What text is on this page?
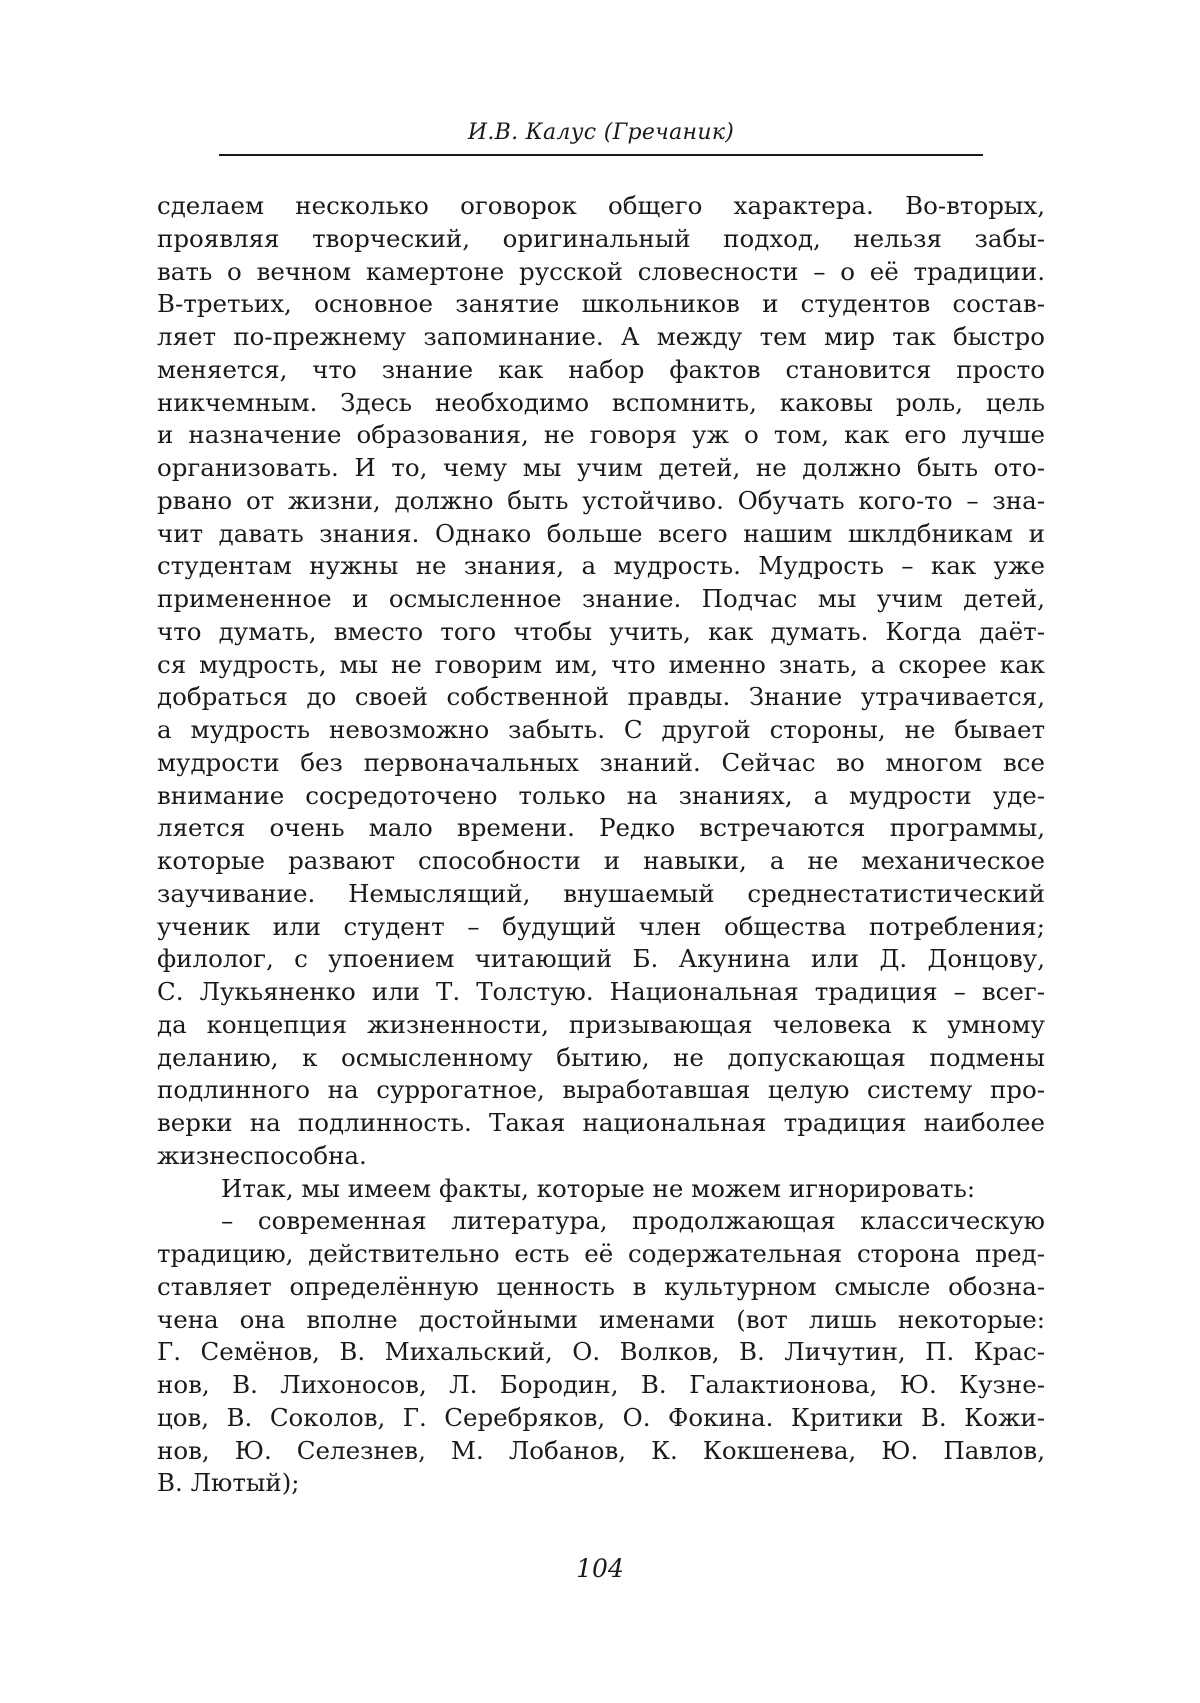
И.В. Калус (Гречаник)
сделаем несколько оговорок общего характера. Во-вторых,
проявляя творческий, оригинальный подход, нельзя забы-
вать о вечном камертоне русской словесности – о её традиции.
В-третьих, основное занятие школьников и студентов состав-
ляет по-прежнему запоминание. А между тем мир так быстро
меняется, что знание как набор фактов становится просто
никчемным. Здесь необходимо вспомнить, каковы роль, цель
и назначение образования, не говоря уж о том, как его лучше
организовать. И то, чему мы учим детей, не должно быть ото-
рвано от жизни, должно быть устойчиво. Обучать кого-то – зна-
чит давать знания. Однако больше всего нашим шклдбникам и
студентам нужны не знания, а мудрость. Мудрость – как уже
примененное и осмысленное знание. Подчас мы учим детей,
что думать, вместо того чтобы учить, как думать. Когда даёт-
ся мудрость, мы не говорим им, что именно знать, а скорее как
добраться до своей собственной правды. Знание утрачивается,
а мудрость невозможно забыть. С другой стороны, не бывает
мудрости без первоначальных знаний. Сейчас во многом все
внимание сосредоточено только на знаниях, а мудрости уде-
ляется очень мало времени. Редко встречаются программы,
которые развают способности и навыки, а не механическое
заучивание. Немыслящий, внушаемый среднестатистический
ученик или студент – будущий член общества потребления;
филолог, с упоением читающий Б. Акунина или Д. Донцову,
С. Лукьяненко или Т. Толстую. Национальная традиция – всег-
да концепция жизненности, призывающая человека к умному
деланию, к осмысленному бытию, не допускающая подмены
подлинного на суррогатное, выработавшая целую систему про-
верки на подлинность. Такая национальная традиция наиболее
жизнеспособна.
Итак, мы имеем факты, которые не можем игнорировать:
– современная литература, продолжающая классическую
традицию, действительно есть её содержательная сторона пред-
ставляет определённую ценность в культурном смысле обозна-
чена она вполне достойными именами (вот лишь некоторые:
Г. Семёнов, В. Михальский, О. Волков, В. Личутин, П. Крас-
нов, В. Лихоносов, Л. Бородин, В. Галактионова, Ю. Кузне-
цов, В. Соколов, Г. Серебряков, О. Фокина. Критики В. Кожи-
нов, Ю. Селезнев, М. Лобанов, К. Кокшенева, Ю. Павлов,
В. Лютый);
104
